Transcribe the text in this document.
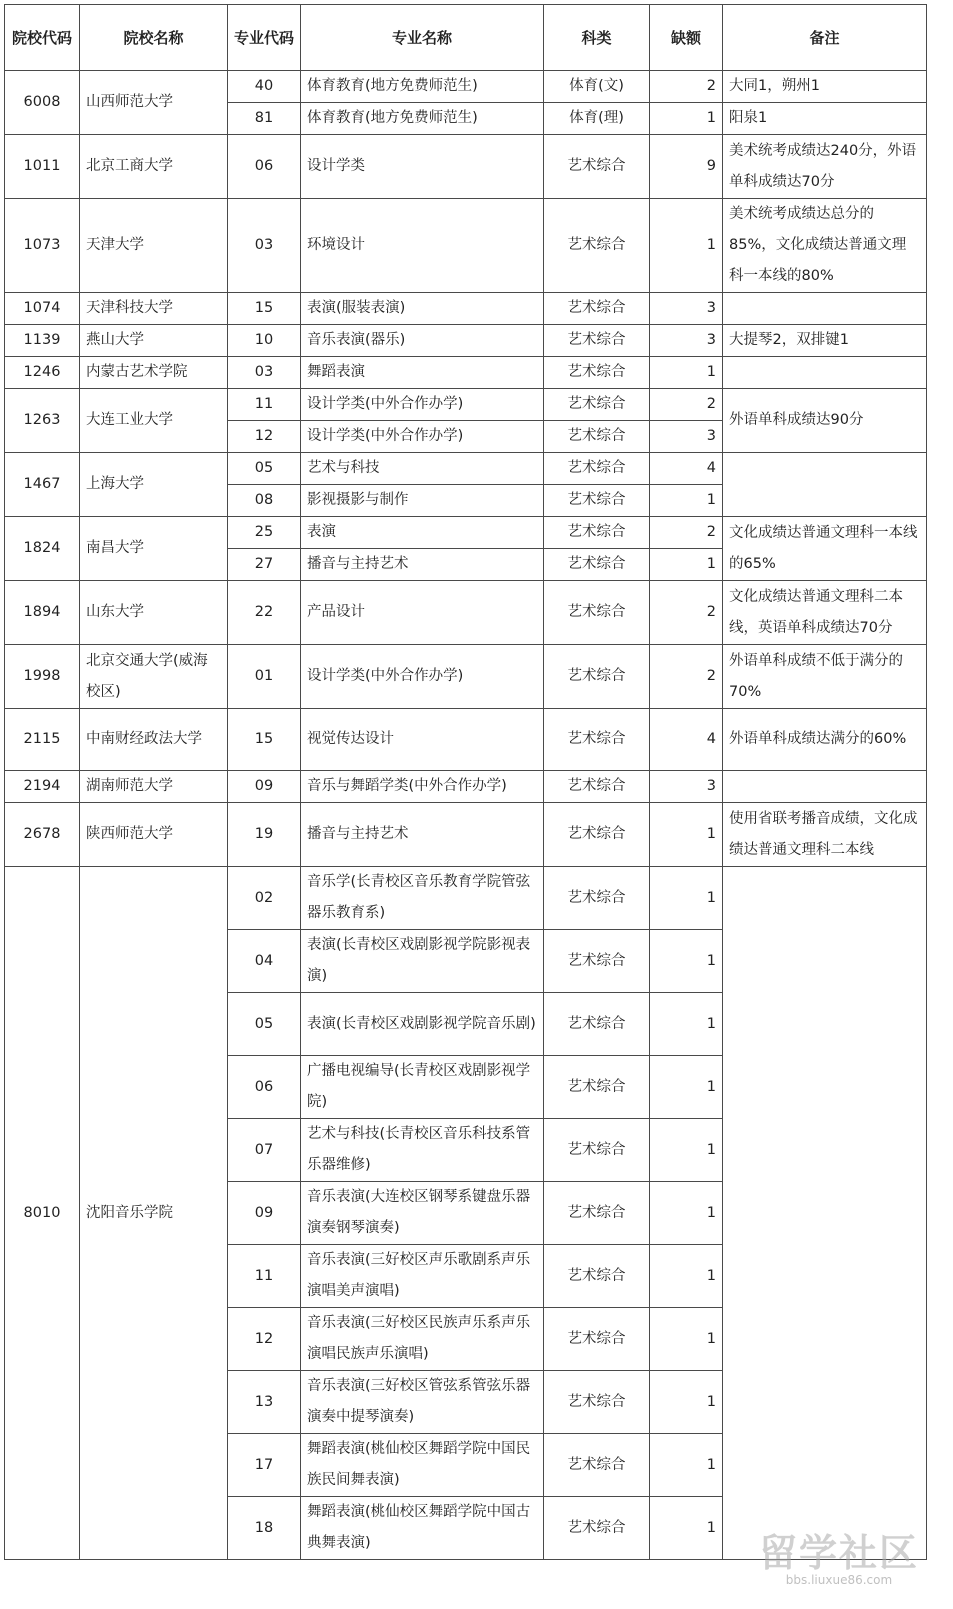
院校代码	院校名称	专业代码	专业名称	科类	缺额	备注
6008	山西师范大学	40	体育教育(地方免费师范生)	体育(文)	2	大同1，朔州1
		81	体育教育(地方免费师范生)	体育(理)	1	阳泉1
1011	北京工商大学	06	设计学类	艺术综合	9	美术统考成绩达240分，外语单科成绩达70分
1073	天津大学	03	环境设计	艺术综合	1	美术统考成绩达总分的85%，文化成绩达普通文理科一本线的80%
1074	天津科技大学	15	表演(服装表演)	艺术综合	3	
1139	燕山大学	10	音乐表演(器乐)	艺术综合	3	大提琴2，双排键1
1246	内蒙古艺术学院	03	舞蹈表演	艺术综合	1	
1263	大连工业大学	11	设计学类(中外合作办学)	艺术综合	2	外语单科成绩达90分
		12	设计学类(中外合作办学)	艺术综合	3	
1467	上海大学	05	艺术与科技	艺术综合	4	
		08	影视摄影与制作	艺术综合	1	
1824	南昌大学	25	表演	艺术综合	2	文化成绩达普通文理科一本线的65%
		27	播音与主持艺术	艺术综合	1	
1894	山东大学	22	产品设计	艺术综合	2	文化成绩达普通文理科二本线，英语单科成绩达70分
1998	北京交通大学(威海校区)	01	设计学类(中外合作办学)	艺术综合	2	外语单科成绩不低于满分的70%
2115	中南财经政法大学	15	视觉传达设计	艺术综合	4	外语单科成绩达满分的60%
2194	湖南师范大学	09	音乐与舞蹈学类(中外合作办学)	艺术综合	3	
2678	陕西师范大学	19	播音与主持艺术	艺术综合	1	使用省联考播音成绩，文化成绩达普通文理科二本线
8010	沈阳音乐学院	02	音乐学(长青校区音乐教育学院管弦器乐教育系)	艺术综合	1	
		04	表演(长青校区戏剧影视学院影视表演)	艺术综合	1	
		05	表演(长青校区戏剧影视学院音乐剧)	艺术综合	1	
		06	广播电视编导(长青校区戏剧影视学院)	艺术综合	1	
		07	艺术与科技(长青校区音乐科技系管乐器维修)	艺术综合	1	
		09	音乐表演(大连校区钢琴系键盘乐器演奏钢琴演奏)	艺术综合	1	
		11	音乐表演(三好校区声乐歌剧系声乐演唱美声演唱)	艺术综合	1	
		12	音乐表演(三好校区民族声乐系声乐演唱民族声乐演唱)	艺术综合	1	
		13	音乐表演(三好校区管弦系管弦乐器演奏中提琴演奏)	艺术综合	1	
		17	舞蹈表演(桃仙校区舞蹈学院中国民族民间舞表演)	艺术综合	1	
		18	舞蹈表演(桃仙校区舞蹈学院中国古典舞表演)	艺术综合	1	
留学社区
bbs.liuxue86.com
